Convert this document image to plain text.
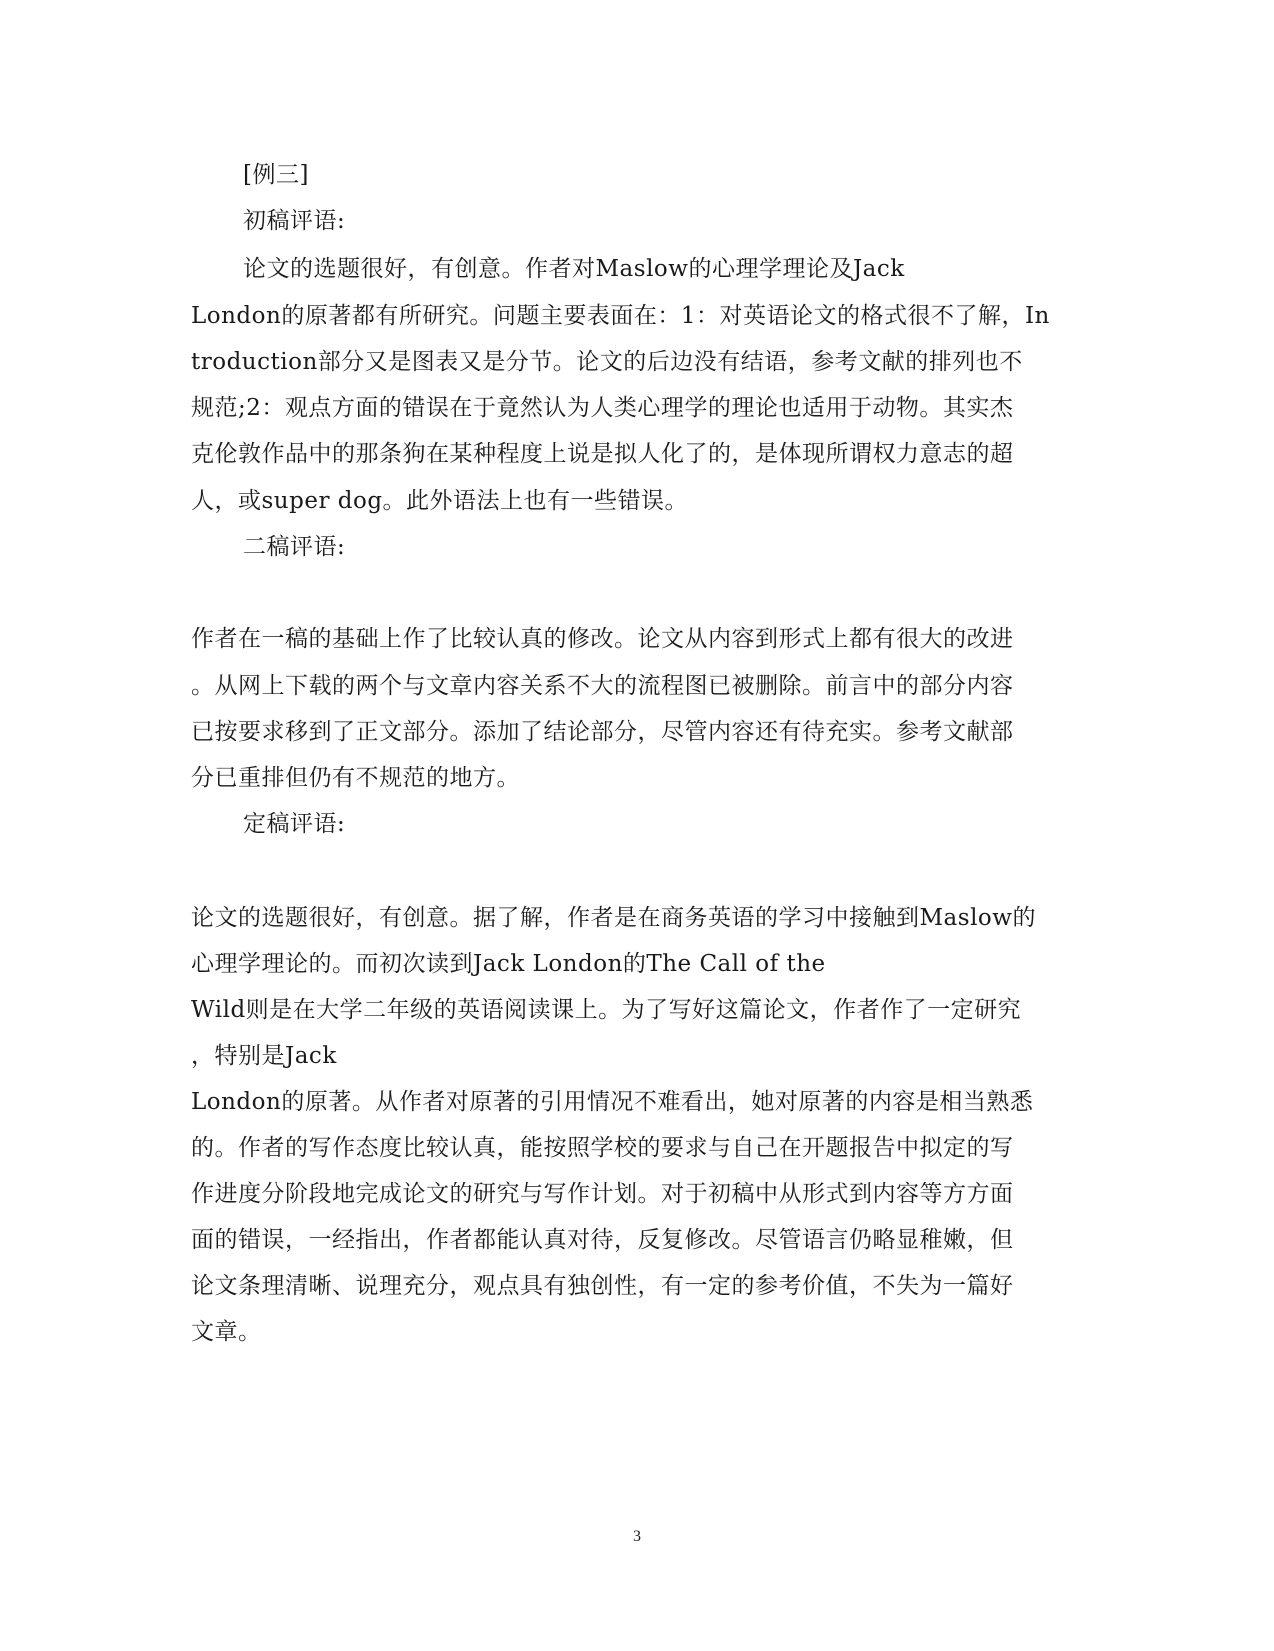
[例三]
初稿评语:
论文的选题很好，有创意。作者对Maslow的心理学理论及Jack
London的原著都有所研究。问题主要表面在：1：对英语论文的格式很不了解，In
troduction部分又是图表又是分节。论文的后边没有结语，参考文献的排列也不
规范;2：观点方面的错误在于竟然认为人类心理学的理论也适用于动物。其实杰
克伦敦作品中的那条狗在某种程度上说是拟人化了的，是体现所谓权力意志的超
人，或super dog。此外语法上也有一些错误。
二稿评语:
作者在一稿的基础上作了比较认真的修改。论文从内容到形式上都有很大的改进
。从网上下载的两个与文章内容关系不大的流程图已被删除。前言中的部分内容
已按要求移到了正文部分。添加了结论部分，尽管内容还有待充实。参考文献部
分已重排但仍有不规范的地方。
定稿评语:
论文的选题很好，有创意。据了解，作者是在商务英语的学习中接触到Maslow的
心理学理论的。而初次读到Jack London的The Call of the
Wild则是在大学二年级的英语阅读课上。为了写好这篇论文，作者作了一定研究
，特别是Jack
London的原著。从作者对原著的引用情况不难看出，她对原著的内容是相当熟悉
的。作者的写作态度比较认真，能按照学校的要求与自己在开题报告中拟定的写
作进度分阶段地完成论文的研究与写作计划。对于初稿中从形式到内容等方方面
面的错误，一经指出，作者都能认真对待，反复修改。尽管语言仍略显稚嫩，但
论文条理清晰、说理充分，观点具有独创性，有一定的参考价值，不失为一篇好
文章。
3
